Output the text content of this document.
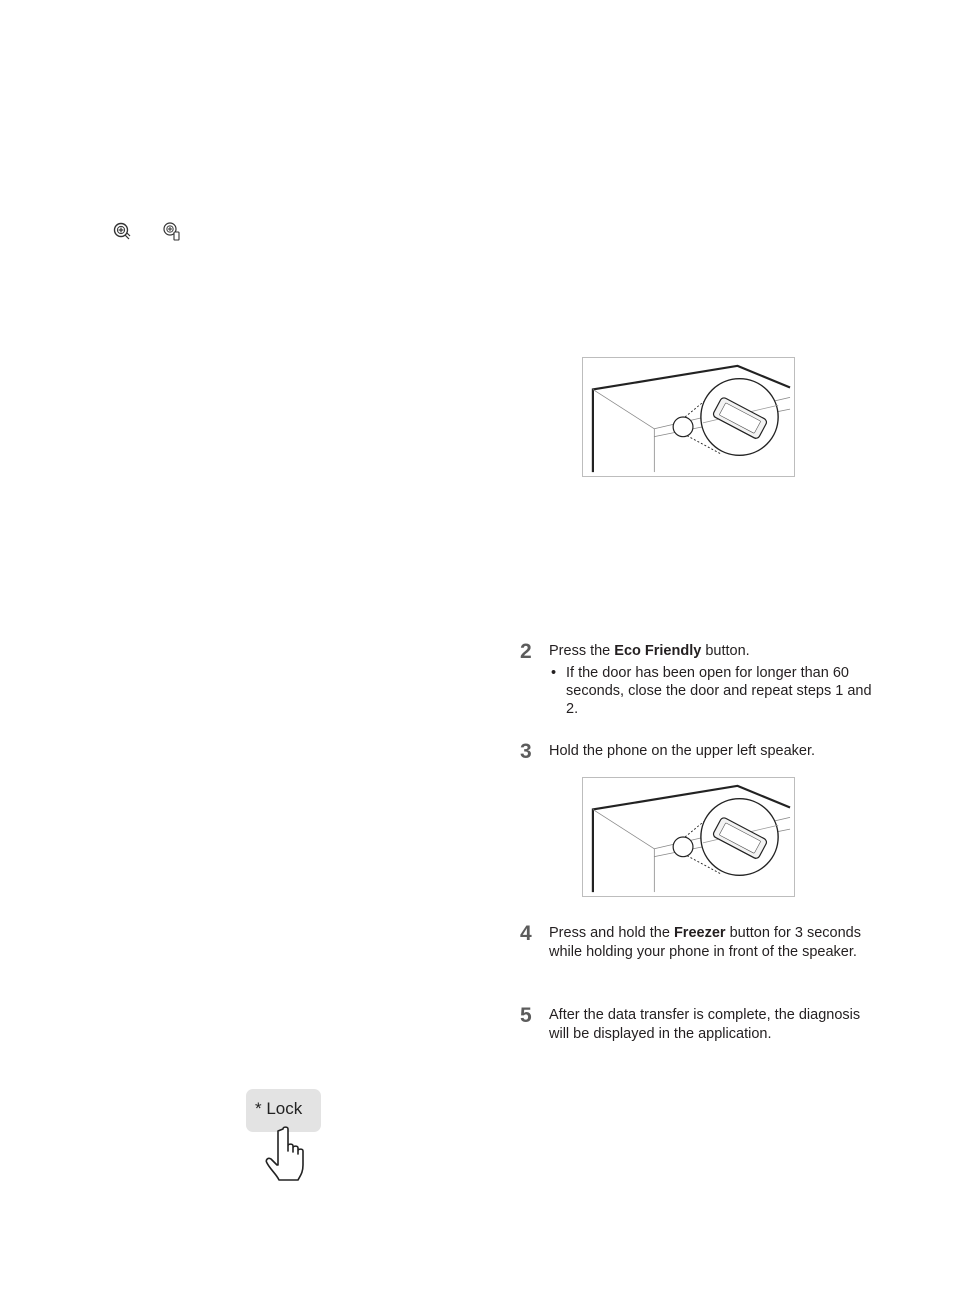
2 Press the Eco Friendly button.
• If the door has been open for longer than 60 seconds, close the door and repeat steps 1 and 2.
3 Hold the phone on the upper left speaker.
4 Press and hold the Freezer button for 3 seconds while holding your phone in front of the speaker.
5 After the data transfer is complete, the diagnosis will be displayed in the application.
* Lock
